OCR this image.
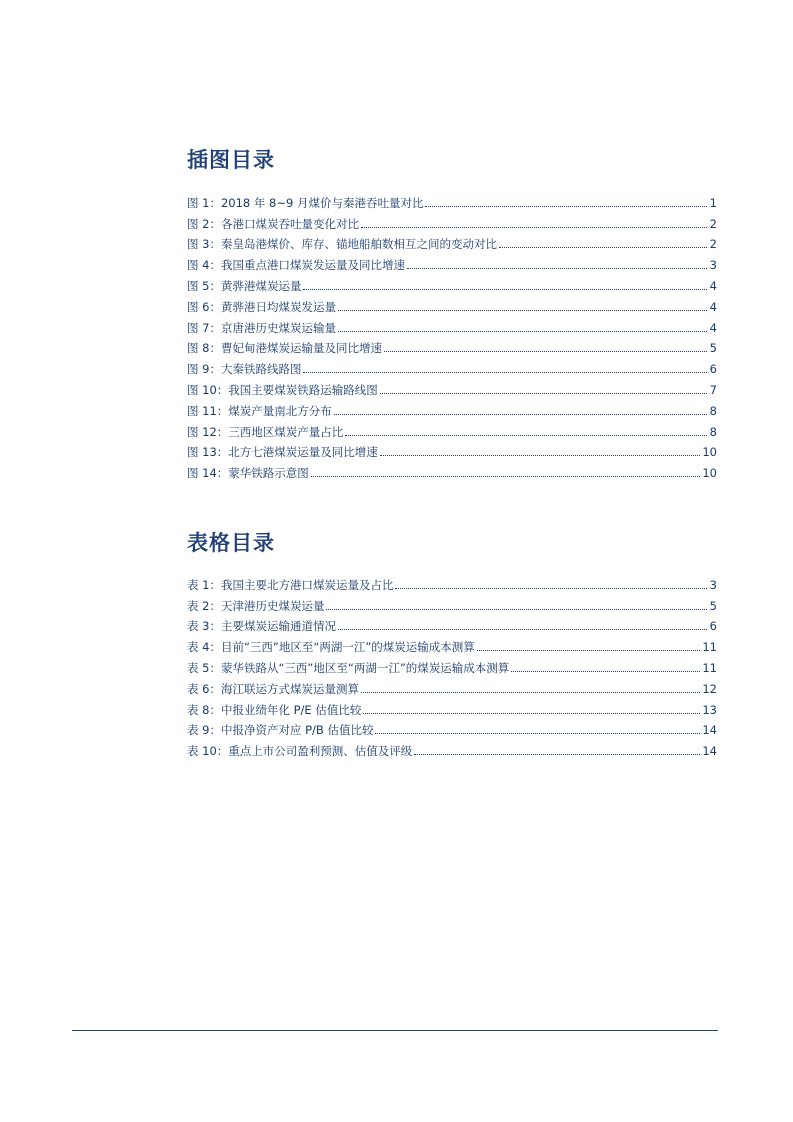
插图目录
图 1：2018 年 8~9 月煤价与秦港吞吐量对比	1
图 2：各港口煤炭吞吐量变化对比	2
图 3：秦皇岛港煤价、库存、锚地船舶数相互之间的变动对比	2
图 4：我国重点港口煤炭发运量及同比增速	3
图 5：黄骅港煤炭运量	4
图 6：黄骅港日均煤炭发运量	4
图 7：京唐港历史煤炭运输量	4
图 8：曹妃甸港煤炭运输量及同比增速	5
图 9：大秦铁路线路图	6
图 10：我国主要煤炭铁路运输路线图	7
图 11：煤炭产量南北方分布	8
图 12：三西地区煤炭产量占比	8
图 13：北方七港煤炭运量及同比增速	10
图 14：蒙华铁路示意图	10
表格目录
表 1：我国主要北方港口煤炭运量及占比	3
表 2：天津港历史煤炭运量	5
表 3：主要煤炭运输通道情况	6
表 4：目前“三西”地区至“两湖一江”的煤炭运输成本测算	11
表 5：蒙华铁路从“三西”地区至“两湖一江”的煤炭运输成本测算	11
表 6：海江联运方式煤炭运量测算	12
表 8：中报业绩年化 P/E 估值比较	13
表 9：中报净资产对应 P/B 估值比较	14
表 10：重点上市公司盈利预测、估值及评级	14
